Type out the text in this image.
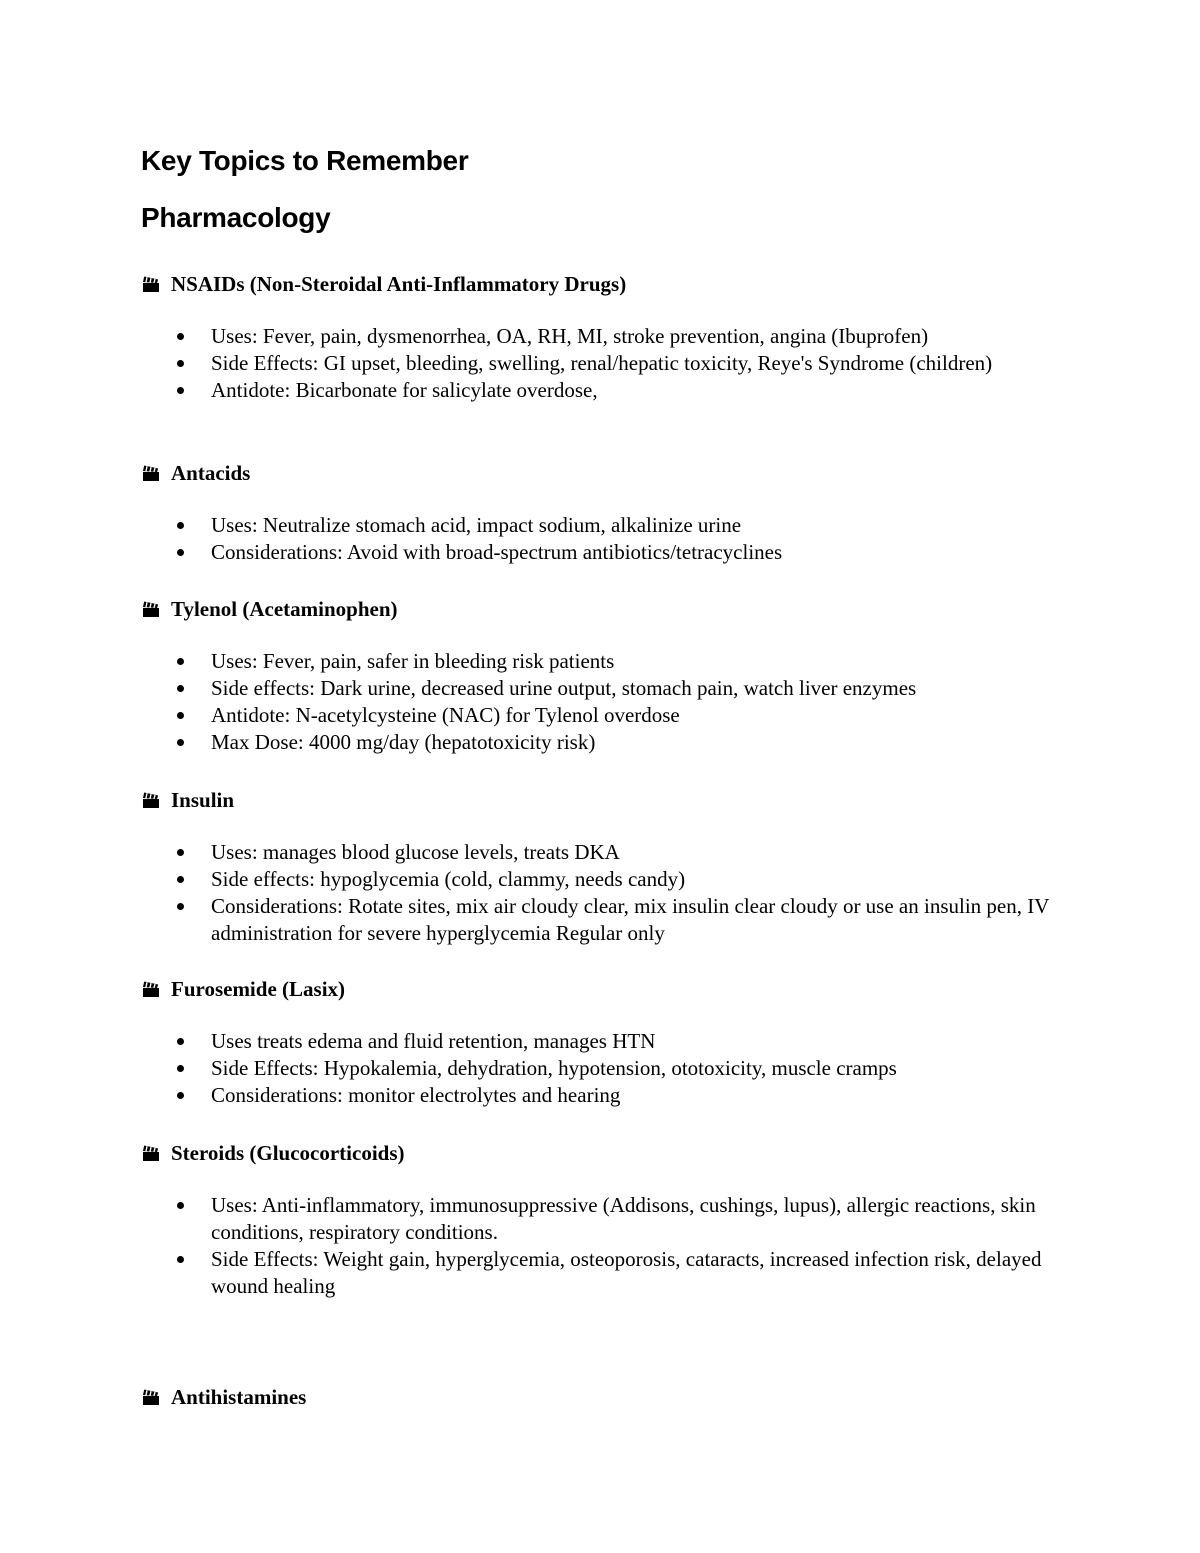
Key Topics to Remember
Pharmacology
NSAIDs (Non-Steroidal Anti-Inflammatory Drugs)
Uses: Fever, pain, dysmenorrhea, OA, RH, MI, stroke prevention, angina (Ibuprofen)
Side Effects: GI upset, bleeding, swelling, renal/hepatic toxicity, Reye's Syndrome (children)
Antidote: Bicarbonate for salicylate overdose,
Antacids
Uses: Neutralize stomach acid, impact sodium, alkalinize urine
Considerations: Avoid with broad-spectrum antibiotics/tetracyclines
Tylenol (Acetaminophen)
Uses: Fever, pain, safer in bleeding risk patients
Side effects: Dark urine, decreased urine output, stomach pain, watch liver enzymes
Antidote: N-acetylcysteine (NAC) for Tylenol overdose
Max Dose: 4000 mg/day (hepatotoxicity risk)
Insulin
Uses: manages blood glucose levels, treats DKA
Side effects: hypoglycemia (cold, clammy, needs candy)
Considerations: Rotate sites, mix air cloudy clear, mix insulin clear cloudy or use an insulin pen, IV administration for severe hyperglycemia Regular only
Furosemide (Lasix)
Uses treats edema and fluid retention, manages HTN
Side Effects: Hypokalemia, dehydration, hypotension, ototoxicity, muscle cramps
Considerations: monitor electrolytes and hearing
Steroids (Glucocorticoids)
Uses: Anti-inflammatory, immunosuppressive (Addisons, cushings, lupus), allergic reactions, skin conditions, respiratory conditions.
Side Effects: Weight gain, hyperglycemia, osteoporosis, cataracts, increased infection risk, delayed wound healing
Antihistamines
